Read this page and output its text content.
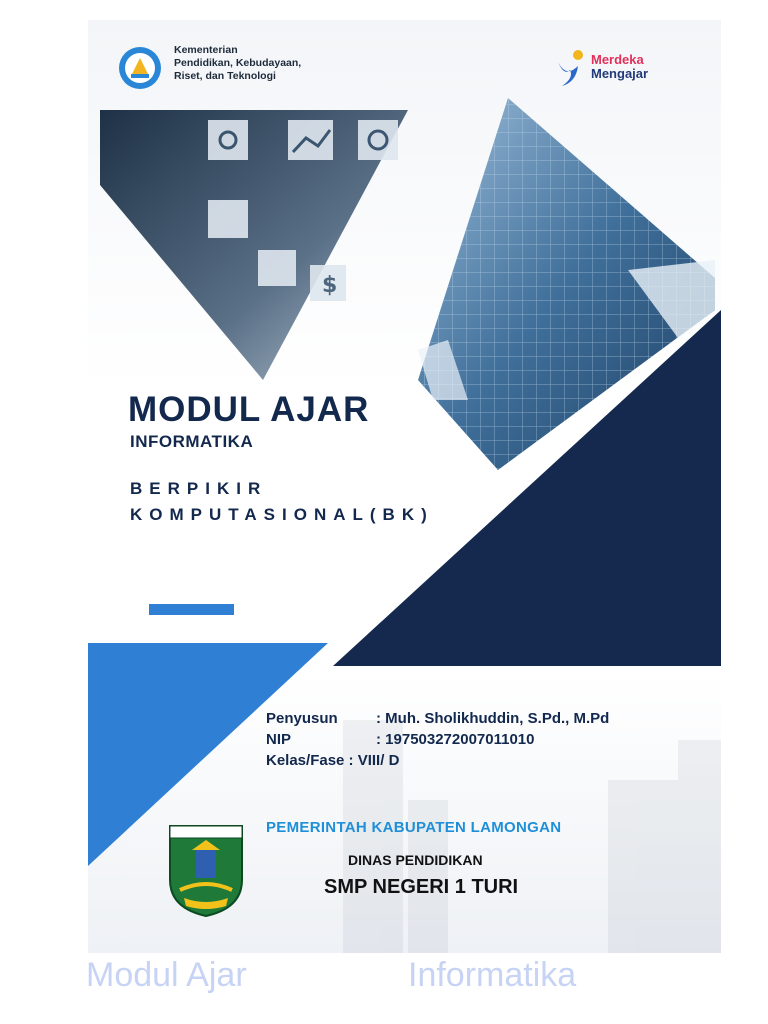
$
Kementerian
Pendidikan, Kebudayaan,
Riset, dan Teknologi
Merdeka
Mengajar
MODUL AJAR
INFORMATIKA
BERPIKIR
KOMPUTASIONAL(BK)
Penyusun	: Muh. Sholikhuddin, S.Pd., M.Pd
NIP	: 197503272007011010
Kelas/Fase : VIII/ D
PEMERINTAH KABUPATEN LAMONGAN
DINAS PENDIDIKAN
SMP NEGERI 1 TURI
Modul Ajar	Informatika
